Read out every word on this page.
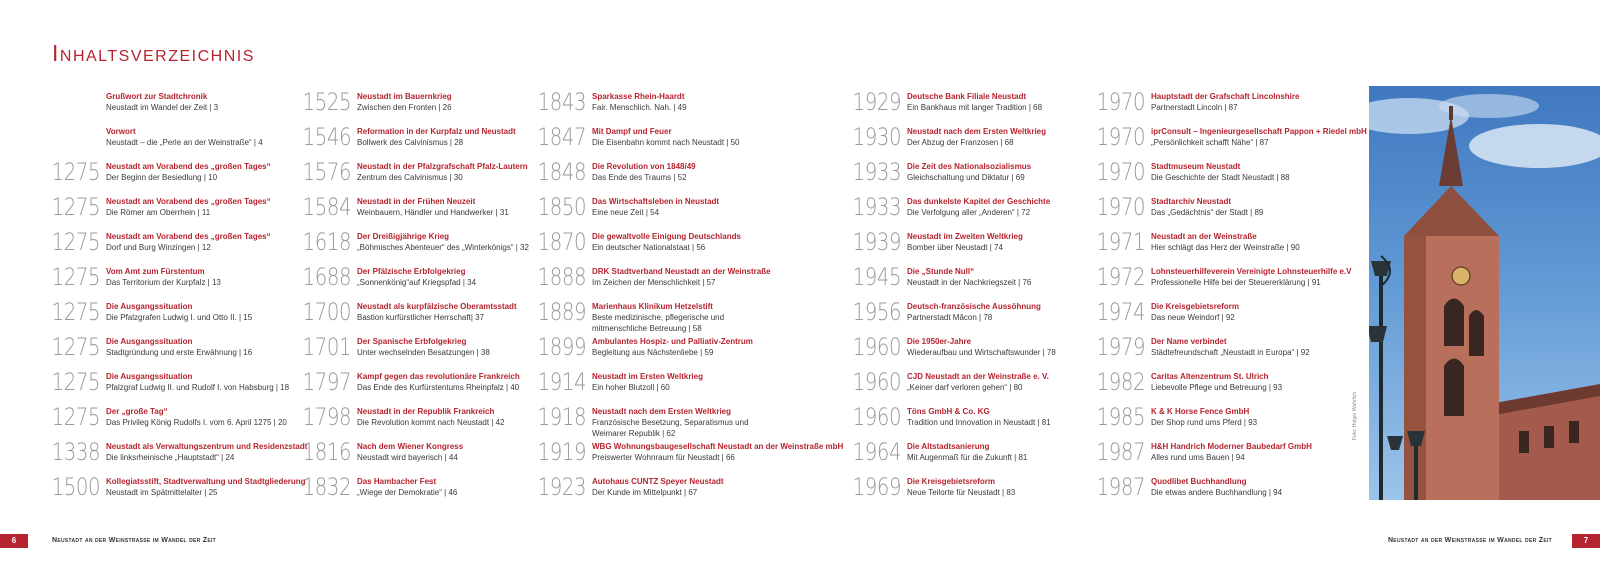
Inhaltsverzeichnis
Grußwort zur Stadtchronik
Neustadt im Wandel der Zeit | 3
Vorwort
Neustadt – die „Perle an der Weinstraße“ | 4
1275 Neustadt am Vorabend des „großen Tages“
Der Beginn der Besiedlung | 10
1275 Neustadt am Vorabend des „großen Tages“
Die Römer am Oberrhein | 11
1275 Neustadt am Vorabend des „großen Tages“
Dorf und Burg Winzingen | 12
1275 Vom Amt zum Fürstentum
Das Territorium der Kurpfalz | 13
1275 Die Ausgangssituation
Die Pfalzgrafen Ludwig I. und Otto II. | 15
1275 Die Ausgangssituation
Stadtgründung und erste Erwähnung | 16
1275 Die Ausgangssituation
Pfalzgraf Ludwig II. und Rudolf I. von Habsburg | 18
1275 Der „große Tag“
Das Privileg König Rudolfs I. vom 6. April 1275 | 20
1338 Neustadt als Verwaltungszentrum und Residenzstadt
Die linksrheinische „Hauptstadt“ | 24
1500 Kollegiatsstift, Stadtverwaltung und Stadtgliederung
Neustadt im Spätmittelalter | 25
1525 Neustadt im Bauernkrieg
Zwischen den Fronten | 26
1546 Reformation in der Kurpfalz und Neustadt
Bollwerk des Calvinismus | 28
1576 Neustadt in der Pfalzgrafschaft Pfalz-Lautern
Zentrum des Calvinismus | 30
1584 Neustadt in der Frühen Neuzeit
Weinbauern, Händler und Handwerker | 31
1618 Der Dreißigjährige Krieg
„Böhmisches Abenteuer“ des „Winterkönigs“ | 32
1688 Der Pfälzische Erbfolgekrieg
„Sonnenkönig“auf Kriegspfad | 34
1700 Neustadt als kurpfälzische Oberamtsstadt
Bastion kurfürstlicher Herrschaft| 37
1701 Der Spanische Erbfolgekrieg
Unter wechselnden Besatzungen | 38
1797 Kampf gegen das revolutionäre Frankreich
Das Ende des Kurfürstentums Rheinpfalz | 40
1798 Neustadt in der Republik Frankreich
Die Revolution kommt nach Neustadt | 42
1816 Nach dem Wiener Kongress
Neustadt wird bayerisch | 44
1832 Das Hambacher Fest
„Wiege der Demokratie“ | 46
1843 Sparkasse Rhein-Haardt
Fair. Menschlich. Nah. | 49
1847 Mit Dampf und Feuer
Die Eisenbahn kommt nach Neustadt | 50
1848 Die Revolution von 1848/49
Das Ende des Traums | 52
1850 Das Wirtschaftsleben in Neustadt
Eine neue Zeit | 54
1870 Die gewaltvolle Einigung Deutschlands
Ein deutscher Nationalstaat | 56
1888 DRK Stadtverband Neustadt an der Weinstraße
Im Zeichen der Menschlichkeit | 57
1889 Marienhaus Klinikum Hetzelstift
Beste medizinische, pflegerische und
mitmenschliche Betreuung | 58
1899 Ambulantes Hospiz- und Palliativ-Zentrum
Begleitung aus Nächstenliebe | 59
1914 Neustadt im Ersten Weltkrieg
Ein hoher Blutzoll | 60
1918 Neustadt nach dem Ersten Weltkrieg
Französische Besetzung, Separatismus und
Weimarer Republik | 62
1919 WBG Wohnungsbaugesellschaft Neustadt an der Weinstraße mbH
Preiswerter Wohnraum für Neustadt | 66
1923 Autohaus CUNTZ Speyer Neustadt
Der Kunde im Mittelpunkt | 67
1929 Deutsche Bank Filiale Neustadt
Ein Bankhaus mit langer Tradition | 68
1930 Neustadt nach dem Ersten Weltkrieg
Der Abzug der Franzosen | 68
1933 Die Zeit des Nationalsozialismus
Gleichschaltung und Diktatur | 69
1933 Das dunkelste Kapitel der Geschichte
Die Verfolgung aller „Anderen“ | 72
1939 Neustadt im Zweiten Weltkrieg
Bomber über Neustadt | 74
1945 Die „Stunde Null“
Neustadt in der Nachkriegszeit | 76
1956 Deutsch-französische Aussöhnung
Partnerstadt Mâcon | 78
1960 Die 1950er-Jahre
Wiederaufbau und Wirtschaftswunder | 78
1960 CJD Neustadt an der Weinstraße e. V.
„Keiner darf verloren gehen“ | 80
1960 Töns GmbH & Co. KG
Tradition und Innovation in Neustadt | 81
1964 Die Altstadtsanierung
Mit Augenmaß für die Zukunft | 81
1969 Die Kreisgebietsreform
Neue Teilorte für Neustadt | 83
1970 Hauptstadt der Grafschaft Lincolnshire
Partnerstadt Lincoln | 87
1970 iprConsult – Ingenieurgesellschaft Pappon + Riedel mbH
„Persönlichkeit schafft Nähe“ | 87
1970 Stadtmuseum Neustadt
Die Geschichte der Stadt Neustadt | 88
1970 Stadtarchiv Neustadt
Das „Gedächtnis“ der Stadt | 89
1971 Neustadt an der Weinstraße
Hier schlägt das Herz der Weinstraße | 90
1972 Lohnsteuerhilfeverein Vereinigte Lohnsteuerhilfe e.V
Professionelle Hilfe bei der Steuererklärung | 91
1974 Die Kreisgebietsreform
Das neue Weindorf | 92
1979 Der Name verbindet
Städtefreundschaft „Neustadt in Europa“ | 92
1982 Caritas Altenzentrum St. Ulrich
Liebevolle Pflege und Betreuung | 93
1985 K & K Horse Fence GmbH
Der Shop rund ums Pferd | 93
1987 H&H Handrich Moderner Baubedarf GmbH
Alles rund ums Bauen | 94
1987 Quodlibet Buchhandlung
Die etwas andere Buchhandlung | 94
Foto: Holger Wahrlich
6	Neustadt an der Weinstrasse im Wandel der Zeit	Neustadt an der Weinstrasse im Wandel der Zeit	7
